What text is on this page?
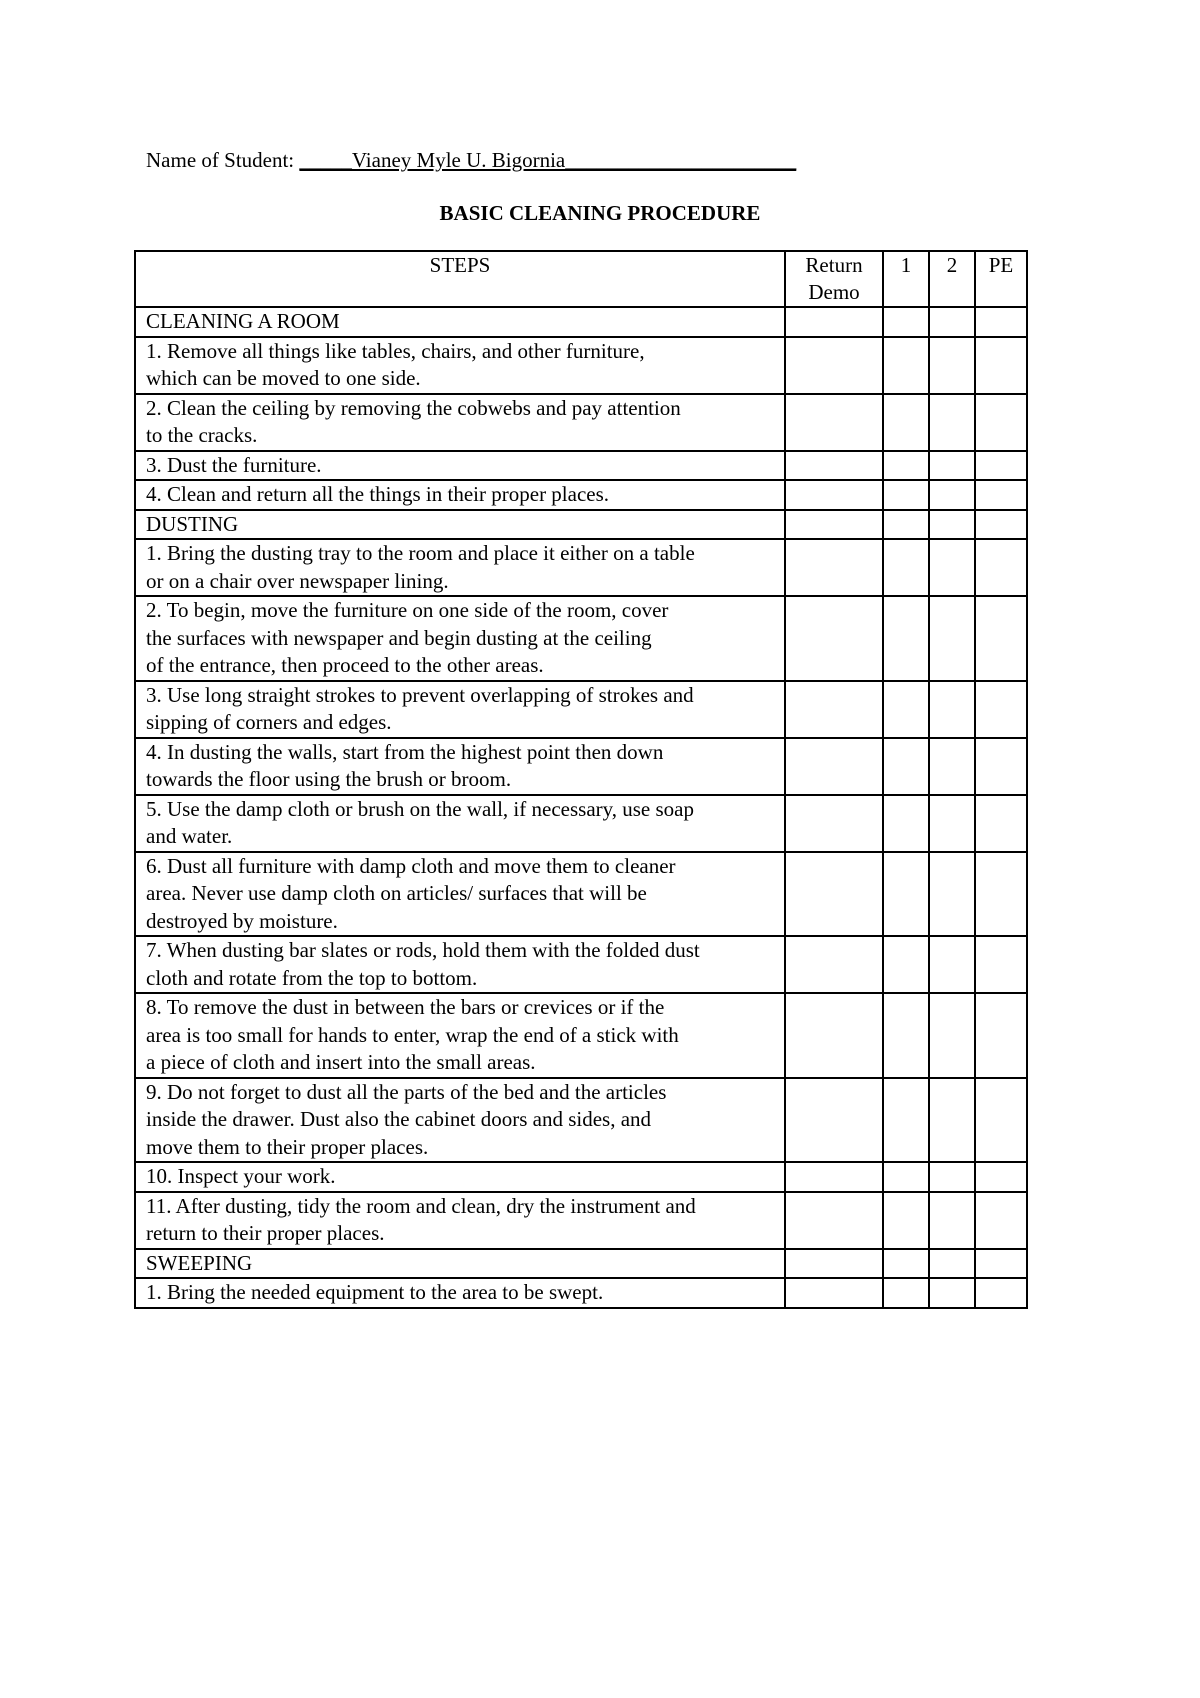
Name of Student: _____Vianey Myle U. Bigornia______________________
BASIC CLEANING PROCEDURE
STEPS	Return Demo	1	2	PE
CLEANING A ROOM				
1. Remove all things like tables, chairs, and other furniture,
which can be moved to one side.				
2. Clean the ceiling by removing the cobwebs and pay attention
to the cracks.				
3. Dust the furniture.

4. Clean and return all the things in their proper places.

DUSTING				
1. Bring the dusting tray to the room and place it either on a table
or on a chair over newspaper lining.				
2. To begin, move the furniture on one side of the room, cover
the surfaces with newspaper and begin dusting at the ceiling
of the entrance, then proceed to the other areas.				
3. Use long straight strokes to prevent overlapping of strokes and
sipping of corners and edges.				
4. In dusting the walls, start from the highest point then down
towards the floor using the brush or broom.				
5. Use the damp cloth or brush on the wall, if necessary, use soap
and water.				
6. Dust all furniture with damp cloth and move them to cleaner
area. Never use damp cloth on articles/ surfaces that will be
destroyed by moisture.				
7. When dusting bar slates or rods, hold them with the folded dust
cloth and rotate from the top to bottom.				
8. To remove the dust in between the bars or crevices or if the
area is too small for hands to enter, wrap the end of a stick with
a piece of cloth and insert into the small areas.				
9. Do not forget to dust all the parts of the bed and the articles
inside the drawer. Dust also the cabinet doors and sides, and
move them to their proper places.				
10. Inspect your work.

11. After dusting, tidy the room and clean, dry the instrument and
return to their proper places.				
SWEEPING				
1. Bring the needed equipment to the area to be swept.
